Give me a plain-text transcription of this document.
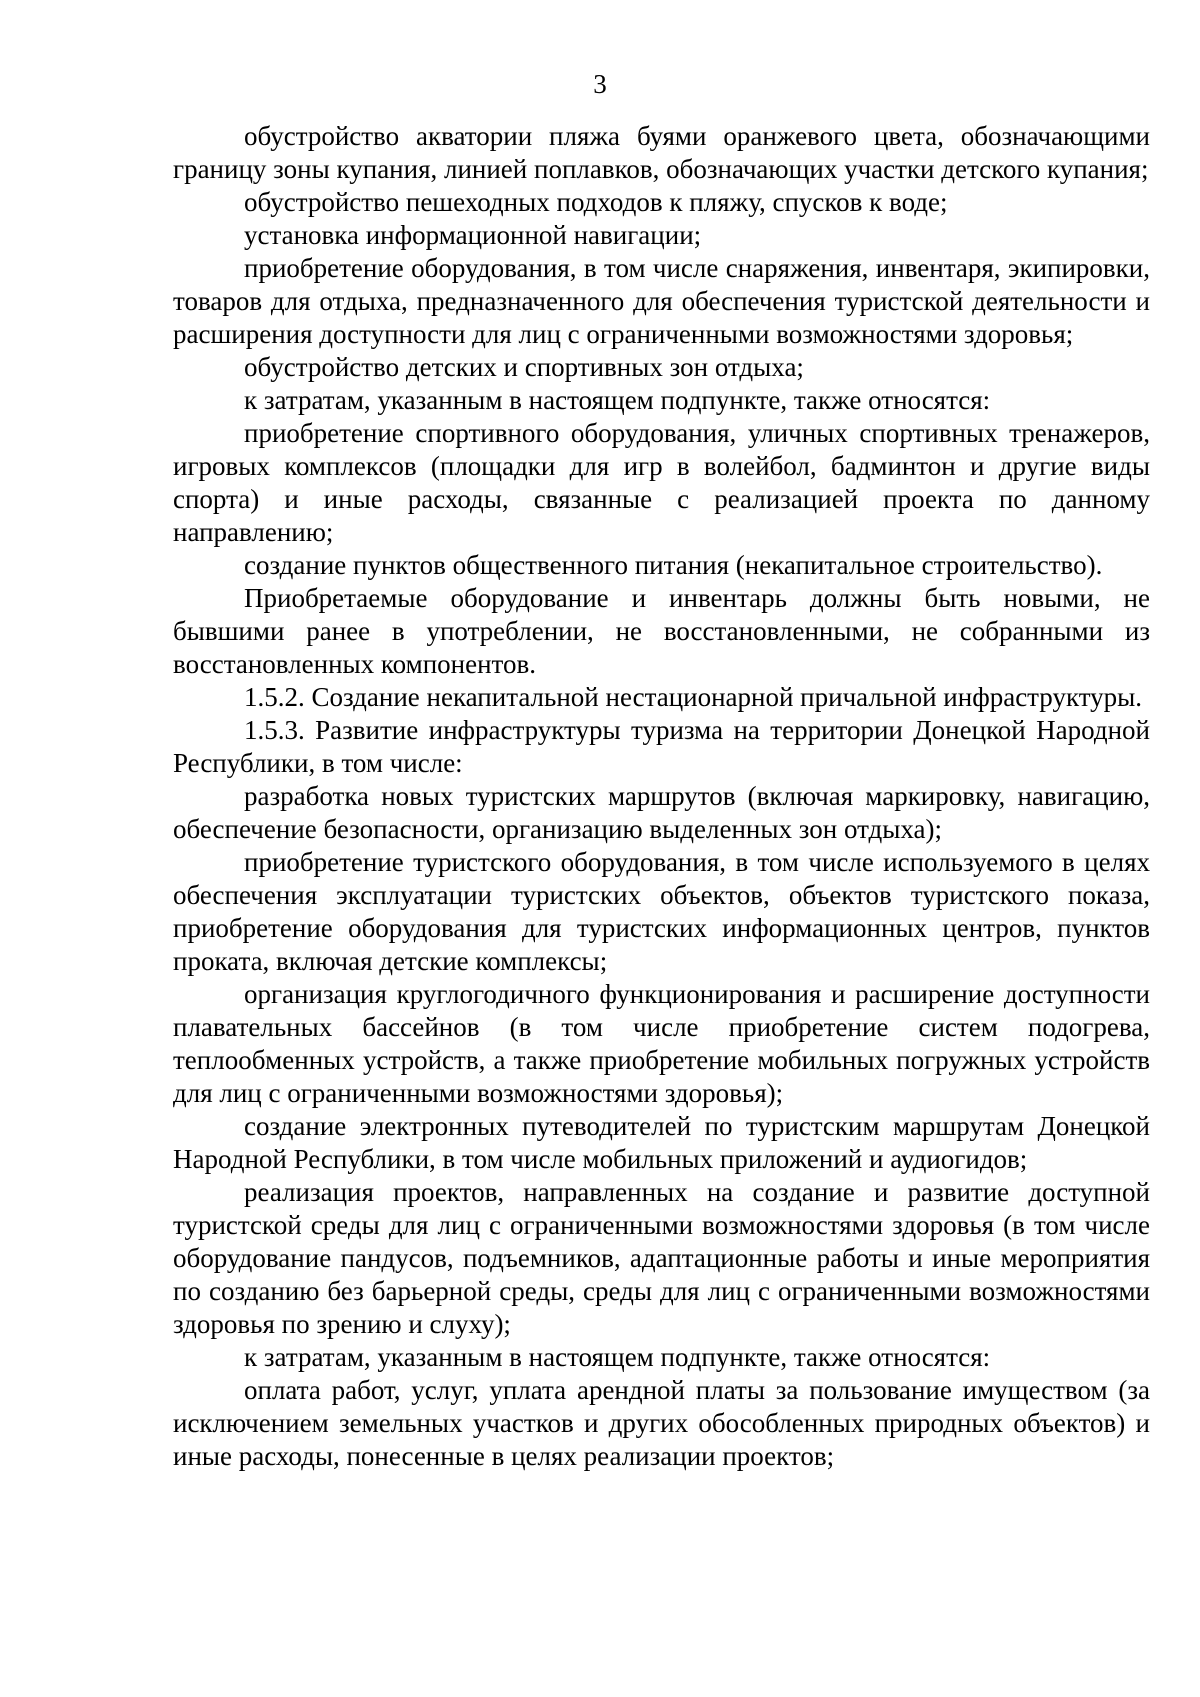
3

обустройство акватории пляжа буями оранжевого цвета, обозначающими границу зоны купания, линией поплавков, обозначающих участки детского купания;

обустройство пешеходных подходов к пляжу, спусков к воде;

установка информационной навигации;

приобретение оборудования, в том числе снаряжения, инвентаря, экипировки, товаров для отдыха, предназначенного для обеспечения туристской деятельности и расширения доступности для лиц с ограниченными возможностями здоровья;

обустройство детских и спортивных зон отдыха;

к затратам, указанным в настоящем подпункте, также относятся:

приобретение спортивного оборудования, уличных спортивных тренажеров, игровых комплексов (площадки для игр в волейбол, бадминтон и другие виды спорта) и иные расходы, связанные с реализацией проекта по данному направлению;

создание пунктов общественного питания (некапитальное строительство).

Приобретаемые оборудование и инвентарь должны быть новыми, не бывшими ранее в употреблении, не восстановленными, не собранными из восстановленных компонентов.

1.5.2. Создание некапитальной нестационарной причальной инфраструктуры.

1.5.3. Развитие инфраструктуры туризма на территории Донецкой Народной Республики, в том числе:

разработка новых туристских маршрутов (включая маркировку, навигацию, обеспечение безопасности, организацию выделенных зон отдыха);

приобретение туристского оборудования, в том числе используемого в целях обеспечения эксплуатации туристских объектов, объектов туристского показа, приобретение оборудования для туристских информационных центров, пунктов проката, включая детские комплексы;

организация круглогодичного функционирования и расширение доступности плавательных бассейнов (в том числе приобретение систем подогрева, теплообменных устройств, а также приобретение мобильных погружных устройств для лиц с ограниченными возможностями здоровья);

создание электронных путеводителей по туристским маршрутам Донецкой Народной Республики, в том числе мобильных приложений и аудиогидов;

реализация проектов, направленных на создание и развитие доступной туристской среды для лиц с ограниченными возможностями здоровья (в том числе оборудование пандусов, подъемников, адаптационные работы и иные мероприятия по созданию без барьерной среды, среды для лиц с ограниченными возможностями здоровья по зрению и слуху);

к затратам, указанным в настоящем подпункте, также относятся:

оплата работ, услуг, уплата арендной платы за пользование имуществом (за исключением земельных участков и других обособленных природных объектов) и иные расходы, понесенные в целях реализации проектов;
